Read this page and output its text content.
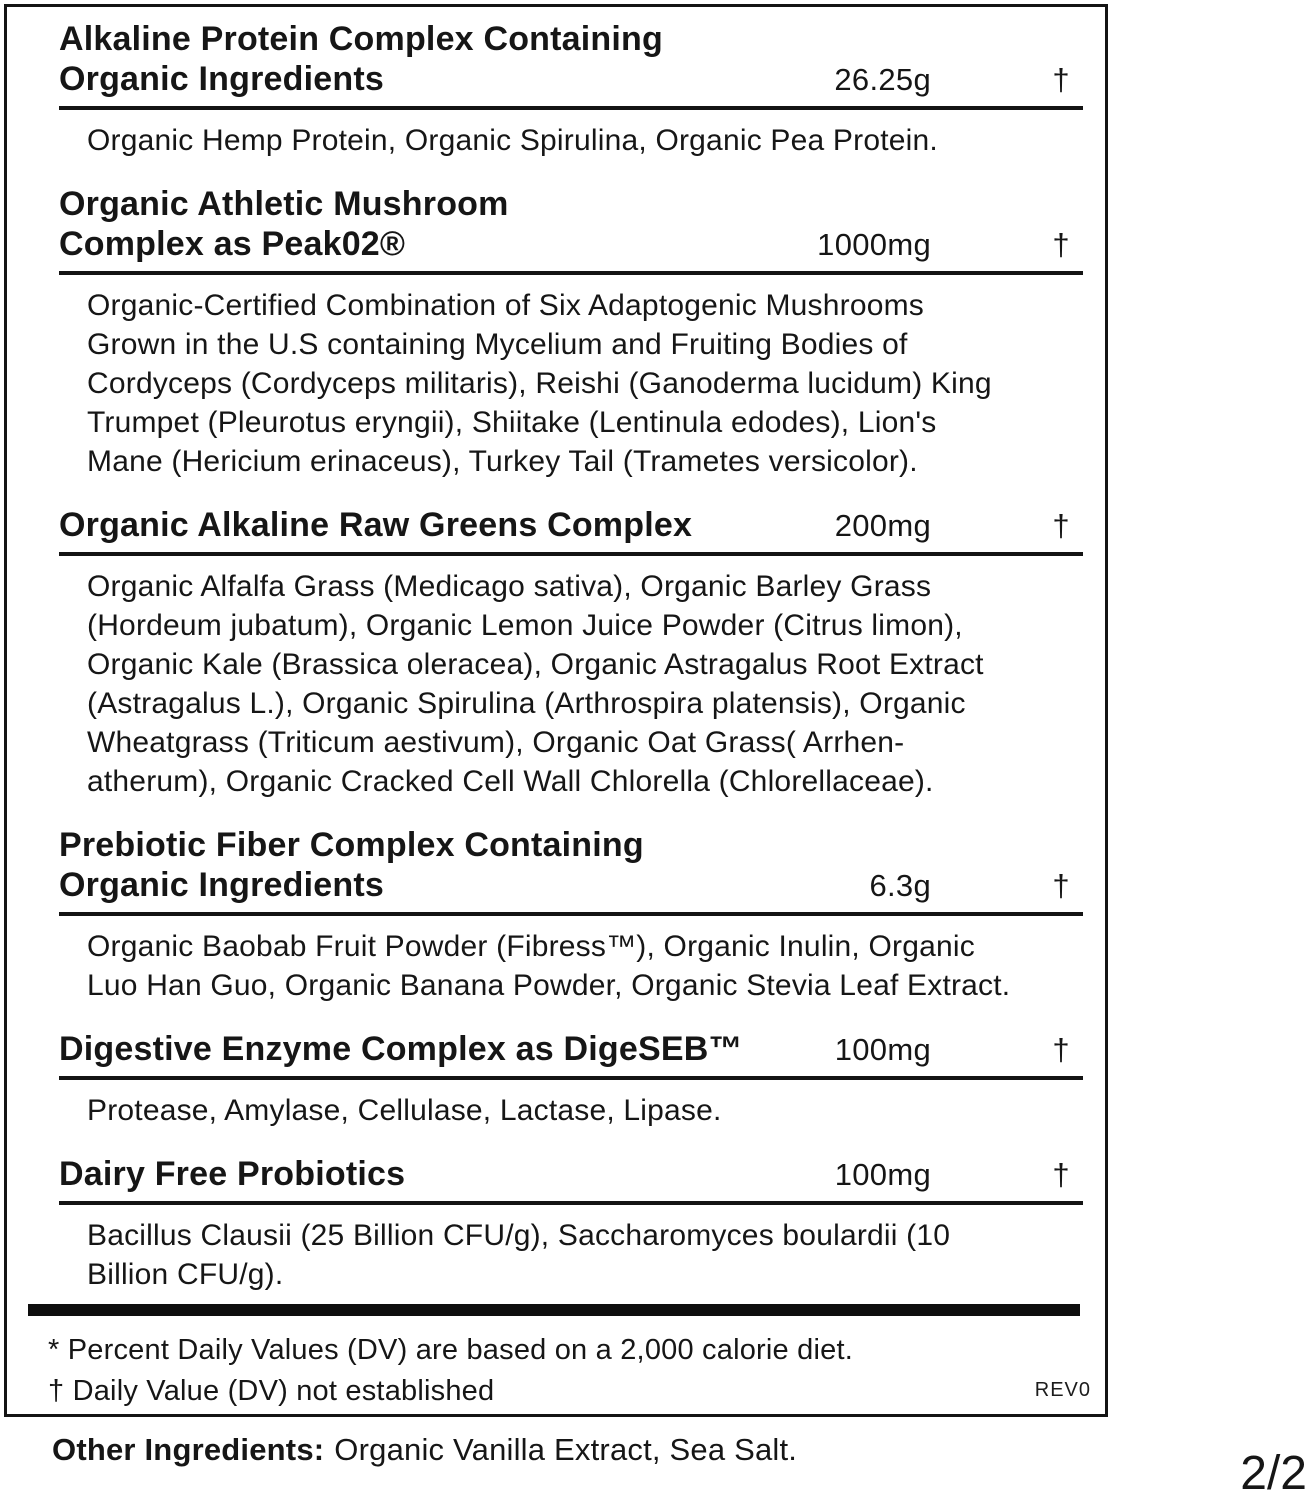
Alkaline Protein Complex Containing
Organic Ingredients	26.25g	†
Organic Hemp Protein, Organic Spirulina, Organic Pea Protein.
Organic Athletic Mushroom
Complex as Peak02®	1000mg	†
Organic-Certified Combination of Six Adaptogenic Mushrooms
Grown in the U.S containing Mycelium and Fruiting Bodies of
Cordyceps (Cordyceps militaris), Reishi (Ganoderma lucidum) King
Trumpet (Pleurotus eryngii), Shiitake (Lentinula edodes), Lion's
Mane (Hericium erinaceus), Turkey Tail (Trametes versicolor).
Organic Alkaline Raw Greens Complex	200mg	†
Organic Alfalfa Grass (Medicago sativa), Organic Barley Grass
(Hordeum jubatum), Organic Lemon Juice Powder (Citrus limon),
Organic Kale (Brassica oleracea), Organic Astragalus Root Extract
(Astragalus L.), Organic Spirulina (Arthrospira platensis), Organic
Wheatgrass (Triticum aestivum), Organic Oat Grass( Arrhen-
atherum), Organic Cracked Cell Wall Chlorella (Chlorellaceae).
Prebiotic Fiber Complex Containing
Organic Ingredients	6.3g	†
Organic Baobab Fruit Powder (Fibress™), Organic Inulin, Organic
Luo Han Guo, Organic Banana Powder, Organic Stevia Leaf Extract.
Digestive Enzyme Complex as DigeSEB™	100mg	†
Protease, Amylase, Cellulase, Lactase, Lipase.
Dairy Free Probiotics	100mg	†
Bacillus Clausii (25 Billion CFU/g), Saccharomyces boulardii (10
Billion CFU/g).
* Percent Daily Values (DV) are based on a 2,000 calorie diet.
† Daily Value (DV) not established	REV0
Other Ingredients: Organic Vanilla Extract, Sea Salt.	2/2
